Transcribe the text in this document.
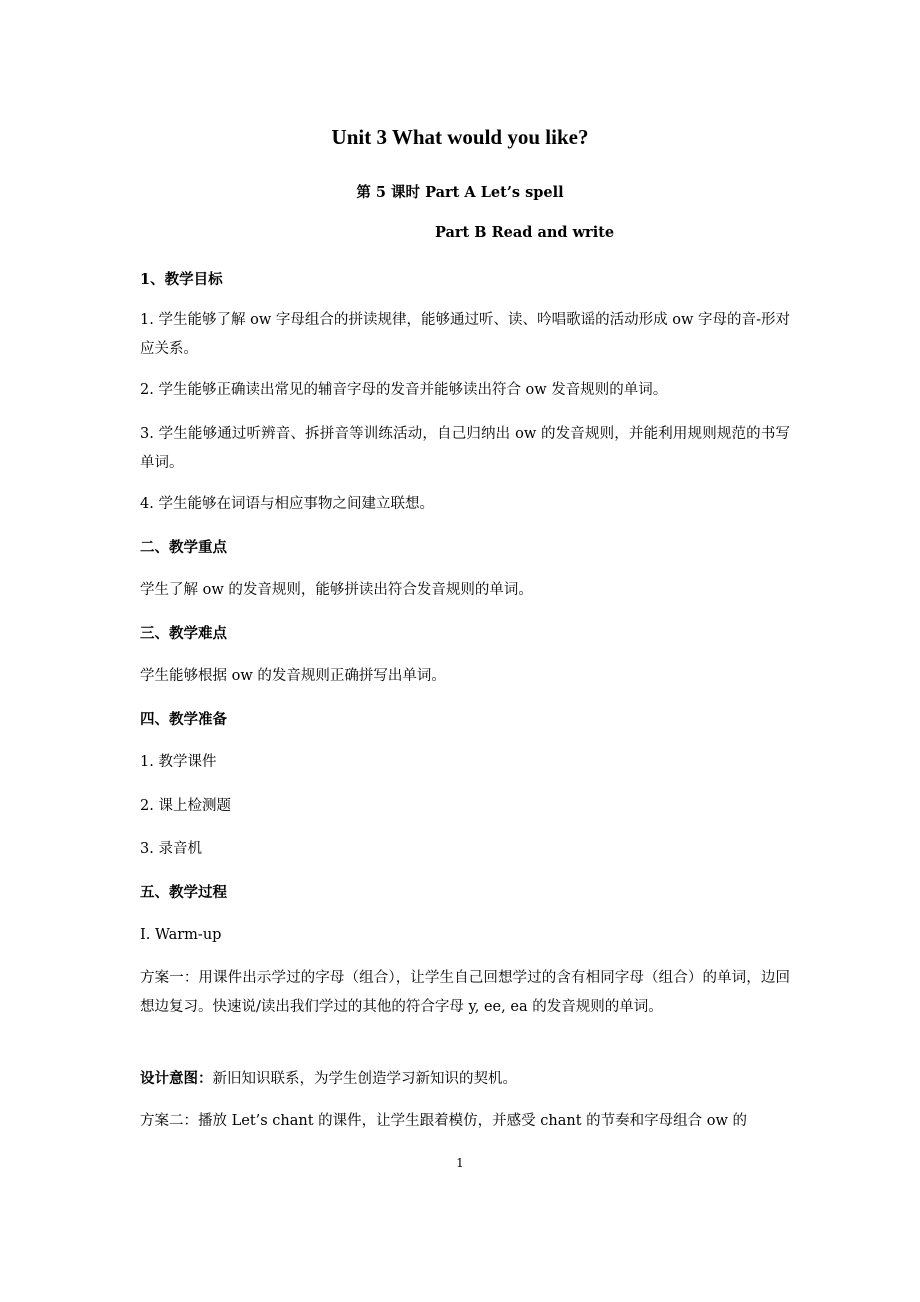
Unit 3 What would you like?
第 5 课时 Part A Let’s spell
Part B Read and write
1、教学目标
1. 学生能够了解 ow 字母组合的拼读规律，能够通过听、读、吟唱歌谣的活动形成 ow 字母的音-形对应关系。
2. 学生能够正确读出常见的辅音字母的发音并能够读出符合 ow 发音规则的单词。
3. 学生能够通过听辨音、拆拼音等训练活动，自己归纳出 ow 的发音规则，并能利用规则规范的书写单词。
4. 学生能够在词语与相应事物之间建立联想。
二、教学重点
学生了解 ow 的发音规则，能够拼读出符合发音规则的单词。
三、教学难点
学生能够根据 ow 的发音规则正确拼写出单词。
四、教学准备
1. 教学课件
2. 课上检测题
3. 录音机
五、教学过程
I. Warm-up
方案一：用课件出示学过的字母（组合），让学生自己回想学过的含有相同字母（组合）的单词，边回想边复习。快速说/读出我们学过的其他的符合字母 y, ee, ea 的发音规则的单词。
设计意图：新旧知识联系，为学生创造学习新知识的契机。
方案二：播放 Let’s chant 的课件，让学生跟着模仿，并感受 chant 的节奏和字母组合 ow 的
1
